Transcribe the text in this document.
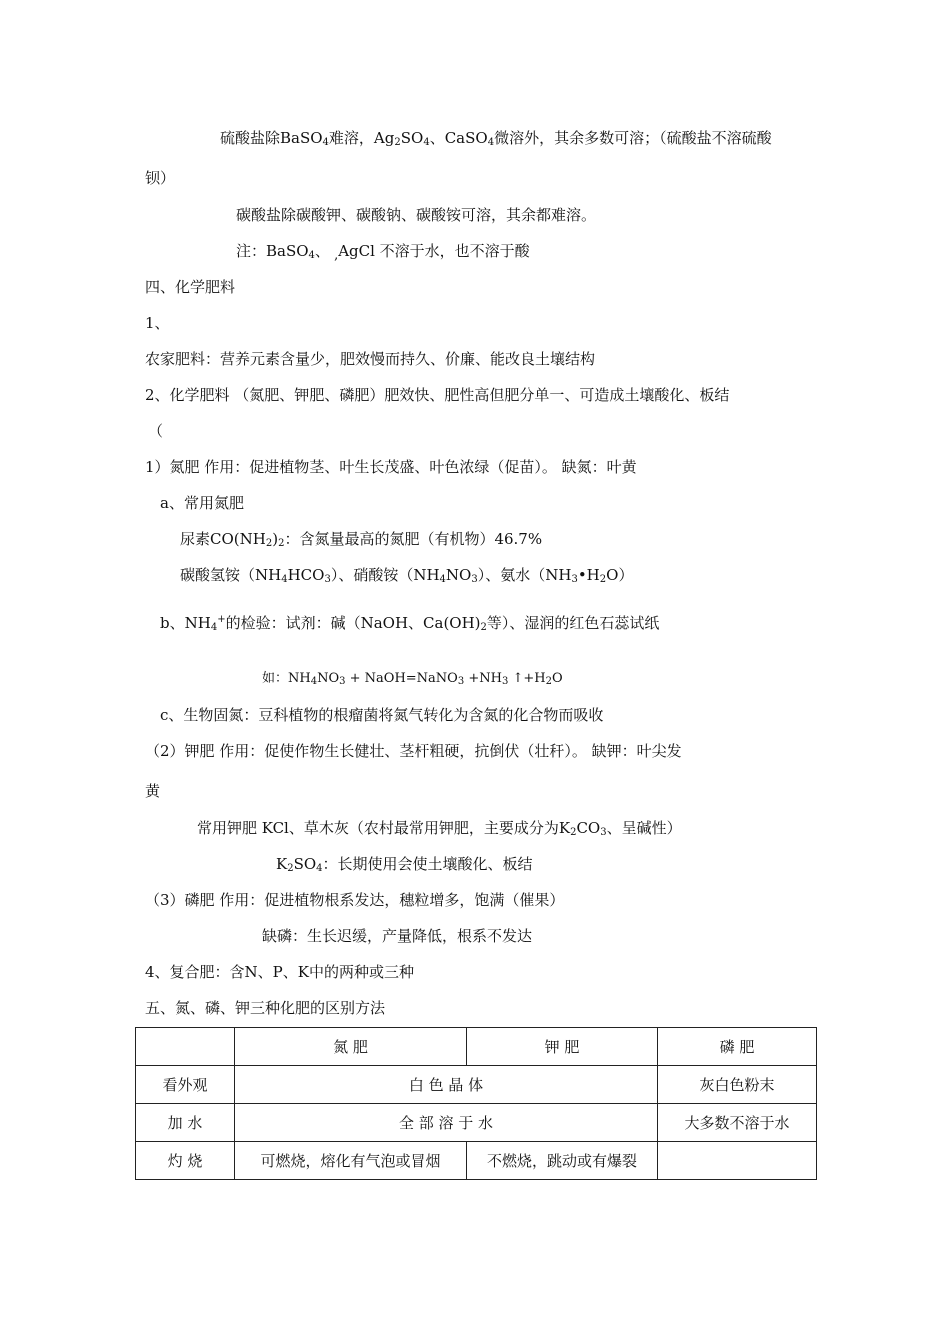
硫酸盐除BaSO$_4$难溶，$Ag_2SO_4$、CaSO$_4$微溶外，其余多数可溶；（硫酸盐不溶硫酸
钡）
碳酸盐除碳酸钾、碳酸钠、碳酸铵可溶，其余都难溶。
注：BaSO$_4$、 ,AgCl 不溶于水，也不溶于酸
四、化学肥料
1、
农家肥料：营养元素含量少，肥效慢而持久、价廉、能改良土壤结构
2、化学肥料 （氮肥、钾肥、磷肥）肥效快、肥性高但肥分单一、可造成土壤酸化、板结
（
1）氮肥 作用：促进植物茎、叶生长茂盛、叶色浓绿（促苗）。 缺氮：叶黄
a、常用氮肥
尿素$CO(NH_2)_2$：含氮量最高的氮肥（有机物）46.7%
碳酸氢铵$(NH_4HCO_3)$、硝酸铵$(NH_4NO_3)$、氨水$(NH_3•H_2O)$
b、$NH_4^+$的检验：试剂：碱（NaOH、$Ca(OH)_2$等）、湿润的红色石蕊试纸
如：$NH_4NO_3$ + NaOH=NaNO$_3$ $+NH_3$ $↑+H_2O$
c、生物固氮：豆科植物的根瘤菌将氮气转化为含氮的化合物而吸收
（2）钾肥 作用：促使作物生长健壮、茎杆粗硬，抗倒伏（壮秆）。 缺钾：叶尖发
黄
常用钾肥 KCl、草木灰（农村最常用钾肥，主要成分为$K_2CO_3$、呈碱性）
$K_2SO_4$：长期使用会使土壤酸化、板结
（3）磷肥 作用：促进植物根系发达，穗粒增多，饱满（催果）
缺磷：生长迟缓，产量降低，根系不发达
4、复合肥：含N、P、K中的两种或三种
五、氮、磷、钾三种化肥的区别方法
	氮 肥	钾 肥	磷 肥
看外观	白 色 晶 体		灰白色粉末
加 水	全 部 溶 于 水		大多数不溶于水
灼 烧	可燃烧，熔化有气泡或冒烟	不燃烧，跳动或有爆裂	
